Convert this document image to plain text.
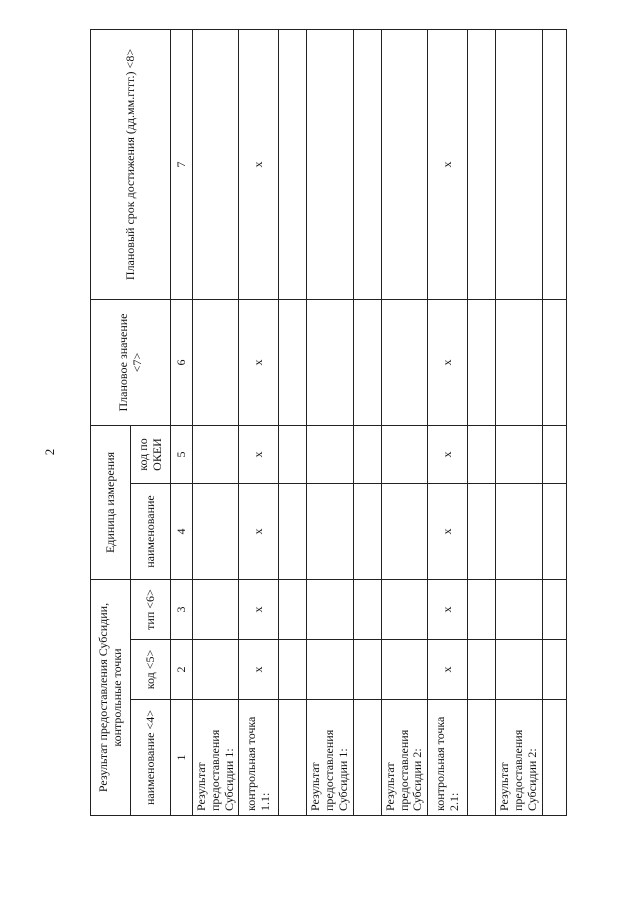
2
Результат предоставления Субсидии, контрольные точки			Единица измерения		Плановое значение <7>	Плановый срок достижения (дд.мм.гггг.) <8>
наименование <4>	код <5>	тип <6>	наименование	код по ОКЕИ		
1	2	3	4	5	6	7
Результат предоставления Субсидии 1:						
контрольная точка 1.1:	x	x	x	x	x	x

Результат предоставления Субсидии 1:						

Результат предоставления Субсидии 2:						
контрольная точка 2.1:	x	x	x	x	x	x

Результат предоставления Субсидии 2:						
